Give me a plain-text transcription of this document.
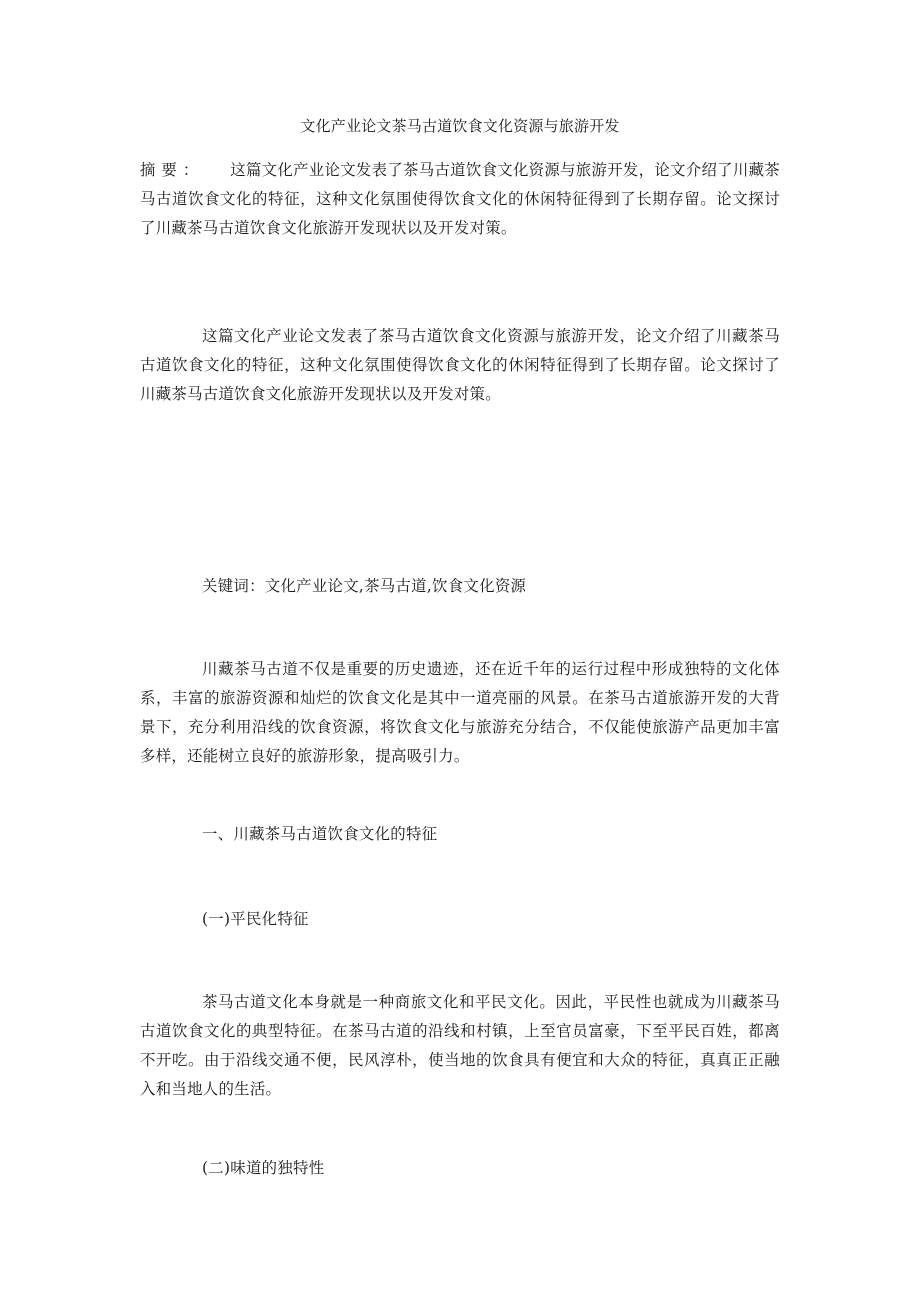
文化产业论文茶马古道饮食文化资源与旅游开发
摘要： 这篇文化产业论文发表了茶马古道饮食文化资源与旅游开发，论文介绍了川藏茶马古道饮食文化的特征，这种文化氛围使得饮食文化的休闲特征得到了长期存留。论文探讨了川藏茶马古道饮食文化旅游开发现状以及开发对策。
这篇文化产业论文发表了茶马古道饮食文化资源与旅游开发，论文介绍了川藏茶马古道饮食文化的特征，这种文化氛围使得饮食文化的休闲特征得到了长期存留。论文探讨了川藏茶马古道饮食文化旅游开发现状以及开发对策。
关键词：文化产业论文,茶马古道,饮食文化资源
川藏茶马古道不仅是重要的历史遗迹，还在近千年的运行过程中形成独特的文化体系，丰富的旅游资源和灿烂的饮食文化是其中一道亮丽的风景。在茶马古道旅游开发的大背景下，充分利用沿线的饮食资源，将饮食文化与旅游充分结合，不仅能使旅游产品更加丰富多样，还能树立良好的旅游形象，提高吸引力。
一、川藏茶马古道饮食文化的特征
(一)平民化特征
茶马古道文化本身就是一种商旅文化和平民文化。因此，平民性也就成为川藏茶马古道饮食文化的典型特征。在茶马古道的沿线和村镇，上至官员富豪，下至平民百姓，都离不开吃。由于沿线交通不便，民风淳朴，使当地的饮食具有便宜和大众的特征，真真正正融入和当地人的生活。
(二)味道的独特性
